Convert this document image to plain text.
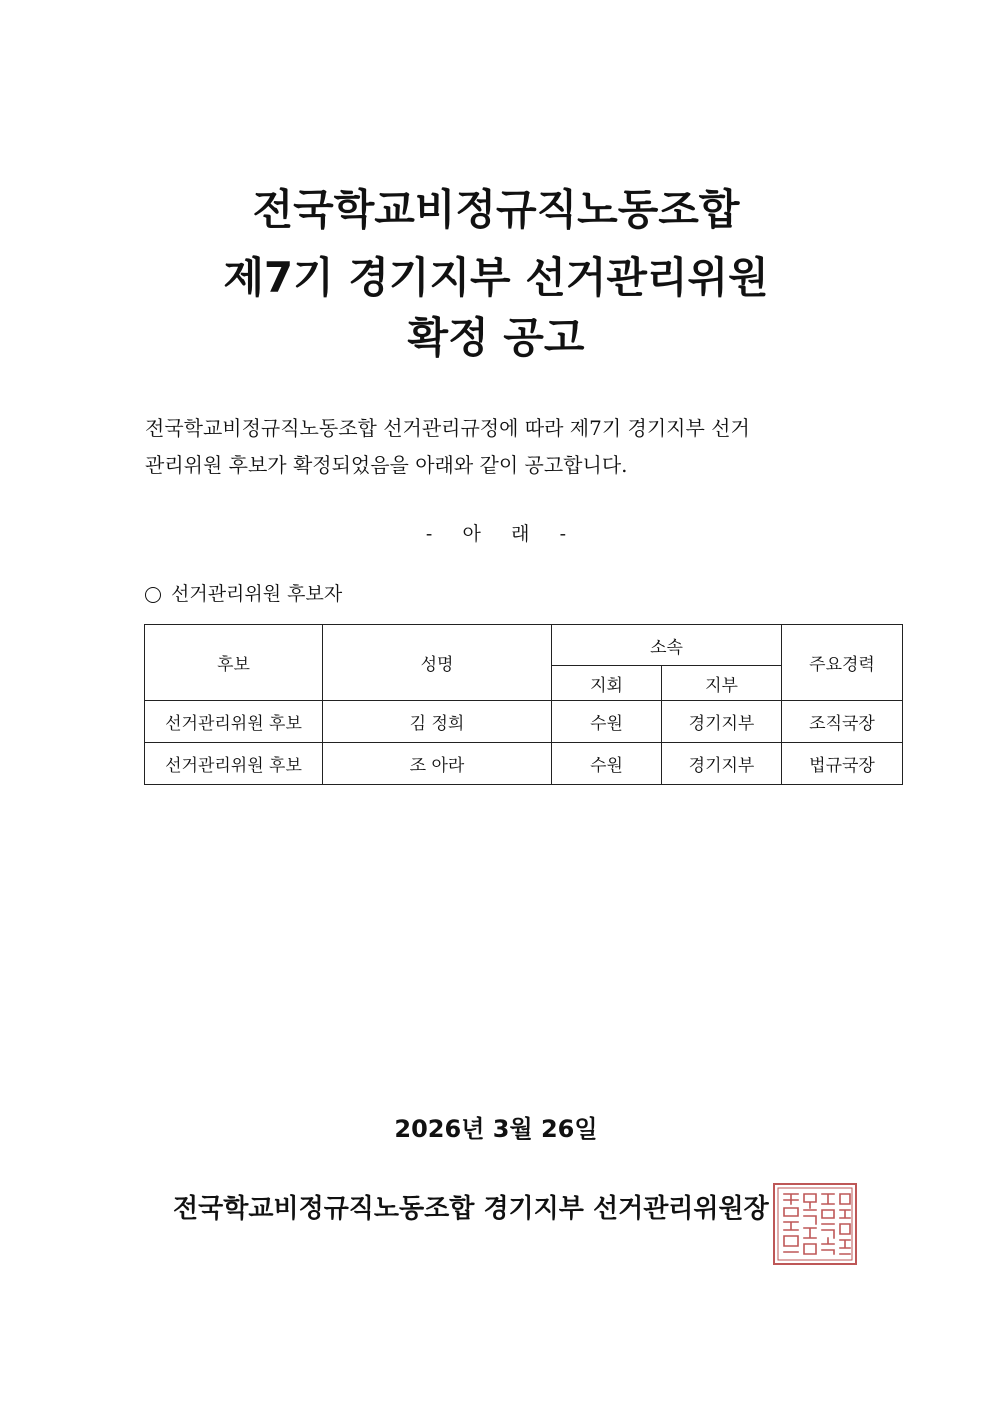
전국학교비정규직노동조합
제7기 경기지부 선거관리위원
확정 공고
전국학교비정규직노동조합 선거관리규정에 따라 제7기 경기지부 선거
관리위원 후보가 확정되었음을 아래와 같이 공고합니다.
-     아     래     -
선거관리위원 후보자
후보	성명	소속		주요경력
		지회	지부	
선거관리위원 후보	김 정희	수원	경기지부	조직국장
선거관리위원 후보	조 아라	수원	경기지부	법규국장
2026년 3월 26일
전국학교비정규직노동조합 경기지부 선거관리위원장
